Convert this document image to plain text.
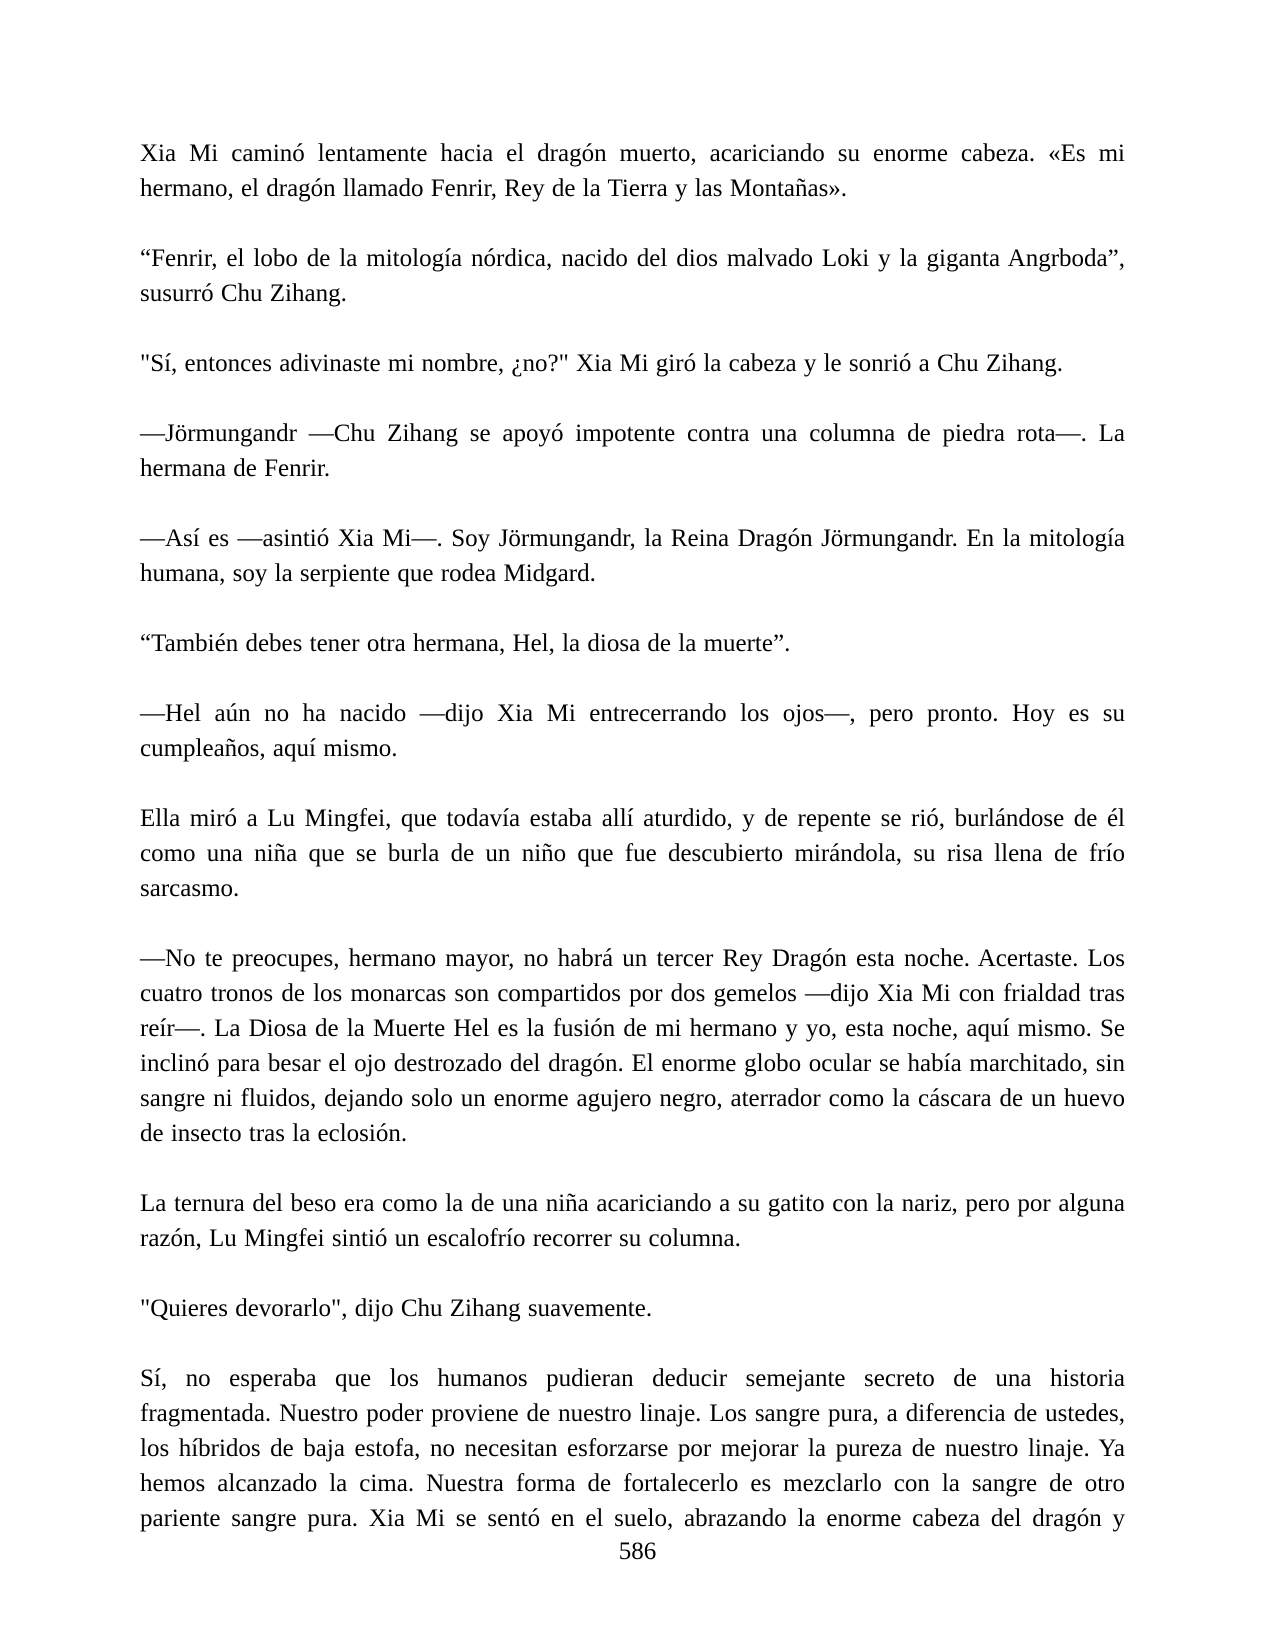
Xia Mi caminó lentamente hacia el dragón muerto, acariciando su enorme cabeza. «Es mi hermano, el dragón llamado Fenrir, Rey de la Tierra y las Montañas».

“Fenrir, el lobo de la mitología nórdica, nacido del dios malvado Loki y la giganta Angrboda”, susurró Chu Zihang.

"Sí, entonces adivinaste mi nombre, ¿no?" Xia Mi giró la cabeza y le sonrió a Chu Zihang.

—Jörmungandr —Chu Zihang se apoyó impotente contra una columna de piedra rota—. La hermana de Fenrir.

—Así es —asintió Xia Mi—. Soy Jörmungandr, la Reina Dragón Jörmungandr. En la mitología humana, soy la serpiente que rodea Midgard.

“También debes tener otra hermana, Hel, la diosa de la muerte”.

—Hel aún no ha nacido —dijo Xia Mi entrecerrando los ojos—, pero pronto. Hoy es su cumpleaños, aquí mismo.

Ella miró a Lu Mingfei, que todavía estaba allí aturdido, y de repente se rió, burlándose de él como una niña que se burla de un niño que fue descubierto mirándola, su risa llena de frío sarcasmo.

—No te preocupes, hermano mayor, no habrá un tercer Rey Dragón esta noche. Acertaste. Los cuatro tronos de los monarcas son compartidos por dos gemelos —dijo Xia Mi con frialdad tras reír—. La Diosa de la Muerte Hel es la fusión de mi hermano y yo, esta noche, aquí mismo. Se inclinó para besar el ojo destrozado del dragón. El enorme globo ocular se había marchitado, sin sangre ni fluidos, dejando solo un enorme agujero negro, aterrador como la cáscara de un huevo de insecto tras la eclosión.

La ternura del beso era como la de una niña acariciando a su gatito con la nariz, pero por alguna razón, Lu Mingfei sintió un escalofrío recorrer su columna.

"Quieres devorarlo", dijo Chu Zihang suavemente.

Sí, no esperaba que los humanos pudieran deducir semejante secreto de una historia fragmentada. Nuestro poder proviene de nuestro linaje. Los sangre pura, a diferencia de ustedes, los híbridos de baja estofa, no necesitan esforzarse por mejorar la pureza de nuestro linaje. Ya hemos alcanzado la cima. Nuestra forma de fortalecerlo es mezclarlo con la sangre de otro pariente sangre pura. Xia Mi se sentó en el suelo, abrazando la enorme cabeza del dragón y

586
